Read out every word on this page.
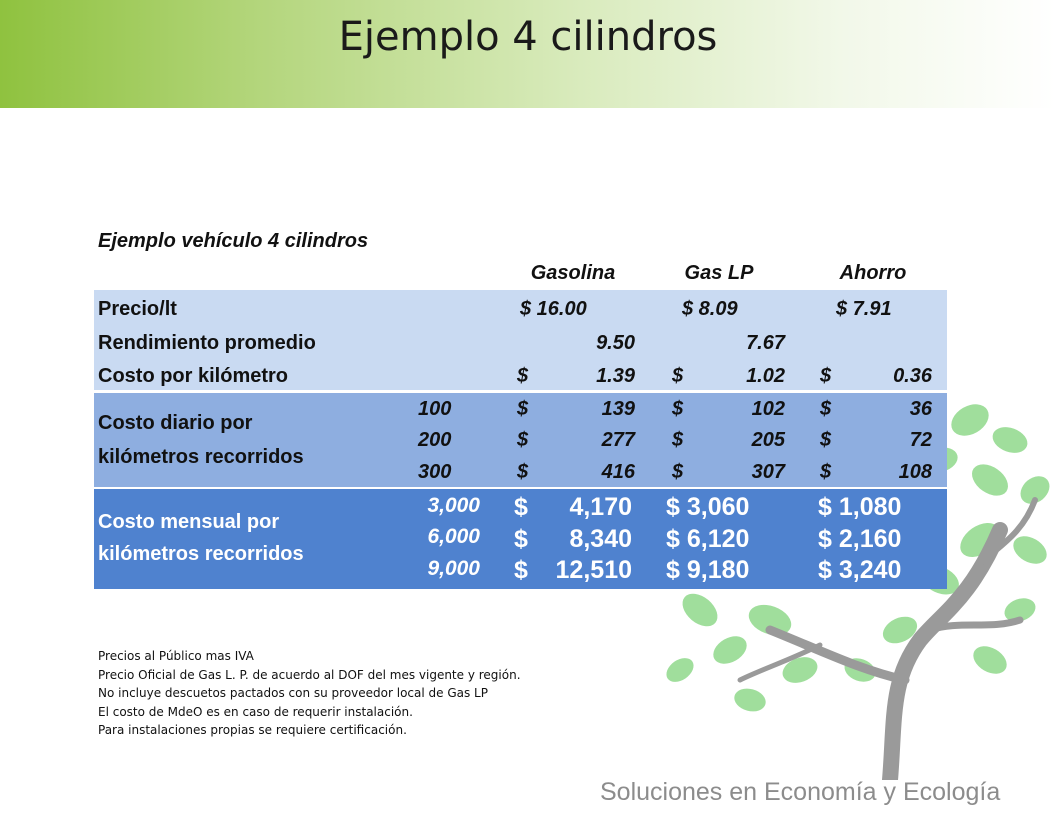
Ejemplo 4 cilindros
Ejemplo vehículo 4 cilindros
Gasolina	Gas LP	Ahorro
Precio/lt	$ 16.00	$ 8.09	$ 7.91
Rendimiento promedio	9.50	7.67
Costo por kilómetro	$	1.39 $	1.02 $	0.36
Costo diario por
kilómetros recorridos
100	$	139 $	102 $	36
200	$	277 $	205 $	72
300	$	416 $	307 $	108
Costo mensual por
kilómetros recorridos
3,000 $	4,170 $ 3,060	$ 1,080
6,000 $	8,340 $ 6,120	$ 2,160
9,000 $	12,510 $ 9,180	$ 3,240
Precios al Público mas IVA
Precio Oficial de Gas L. P. de acuerdo al DOF del mes vigente y región.
No incluye descuetos pactados con su proveedor local de Gas LP
El costo de MdeO es en caso de requerir instalación.
Para instalaciones propias se requiere certificación.
Soluciones en Economía y Ecología
